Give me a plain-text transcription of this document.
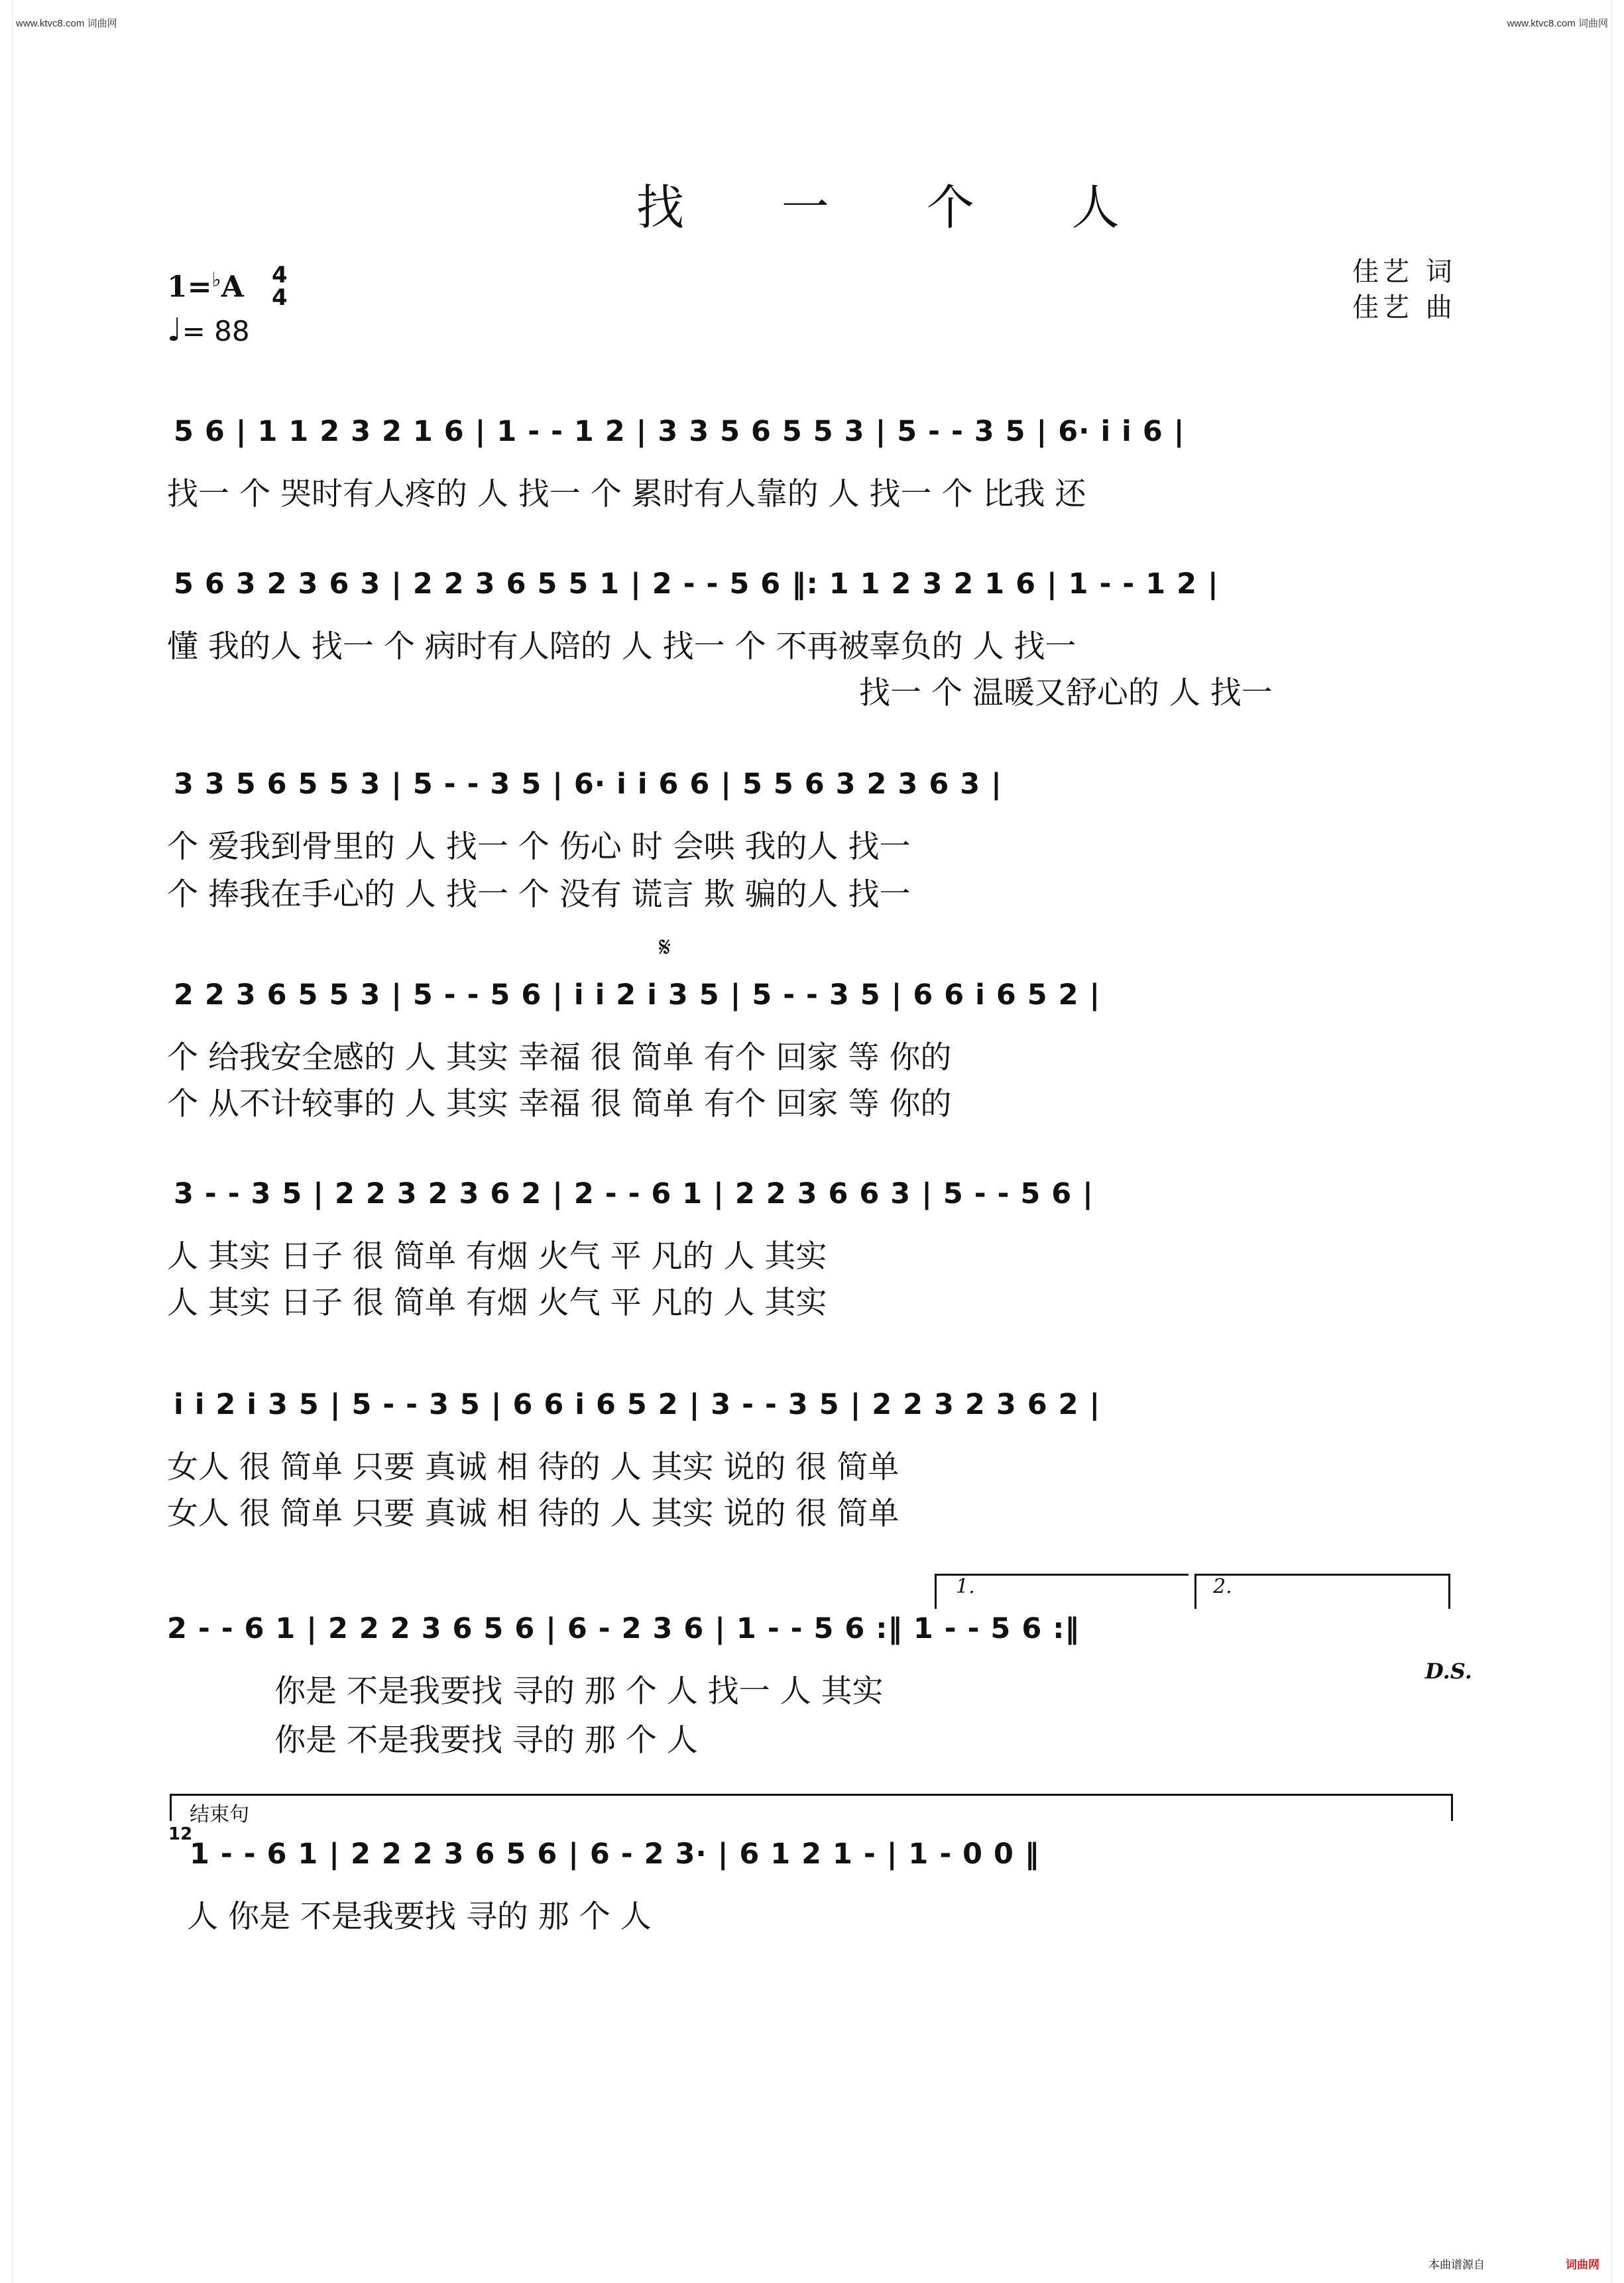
www.ktvc8.com 词曲网	www.ktvc8.com 词曲网
找 一 个 人
佳艺 词
佳艺 曲
1=♭A 4
4
♩= 88
5 6 | 1 1 2 3 2 1 6 | 1 - - 1 2 | 3 3 5 6 5 5 3 | 5 - - 3 5 | 6· i i 6 |
找一 个 哭时有人疼的 人 找一 个 累时有人靠的 人 找一 个 比我 还
5 6 3 2 3 6 3 | 2 2 3 6 5 5 1 | 2 - - 5 6 ‖: 1 1 2 3 2 1 6 | 1 - - 1 2 |
懂 我的人 找一 个 病时有人陪的 人 找一 个 不再被辜负的 人 找一
找一 个 温暖又舒心的 人 找一
3 3 5 6 5 5 3 | 5 - - 3 5 | 6· i i 6 6 | 5 5 6 3 2 3 6 3 |
个 爱我到骨里的 人 找一 个 伤心 时 会哄 我的人 找一
个 捧我在手心的 人 找一 个 没有 谎言 欺 骗的人 找一
𝄋
2 2 3 6 5 5 3 | 5 - - 5 6 | i i 2 i 3 5 | 5 - - 3 5 | 6 6 i 6 5 2 |
个 给我安全感的 人 其实 幸福 很 简单 有个 回家 等 你的
个 从不计较事的 人 其实 幸福 很 简单 有个 回家 等 你的
3 - - 3 5 | 2 2 3 2 3 6 2 | 2 - - 6 1 | 2 2 3 6 6 3 | 5 - - 5 6 |
人 其实 日子 很 简单 有烟 火气 平 凡的 人 其实
人 其实 日子 很 简单 有烟 火气 平 凡的 人 其实
i i 2 i 3 5 | 5 - - 3 5 | 6 6 i 6 5 2 | 3 - - 3 5 | 2 2 3 2 3 6 2 |
女人 很 简单 只要 真诚 相 待的 人 其实 说的 很 简单
女人 很 简单 只要 真诚 相 待的 人 其实 说的 很 简单
1.	2.
2 - - 6 1 | 2 2 2 3 6 5 6 | 6 - 2 3 6 | 1 - - 5 6 :‖ 1 - - 5 6 :‖
你是 不是我要找 寻的 那 个 人 找一 人 其实
你是 不是我要找 寻的 那 个 人
D.S.
结束句
12
1 - - 6 1 | 2 2 2 3 6 5 6 | 6 - 2 3· | 6 1 2 1 - | 1 - 0 0 ‖
人 你是 不是我要找 寻的 那 个 人
本曲谱源自	词曲网
